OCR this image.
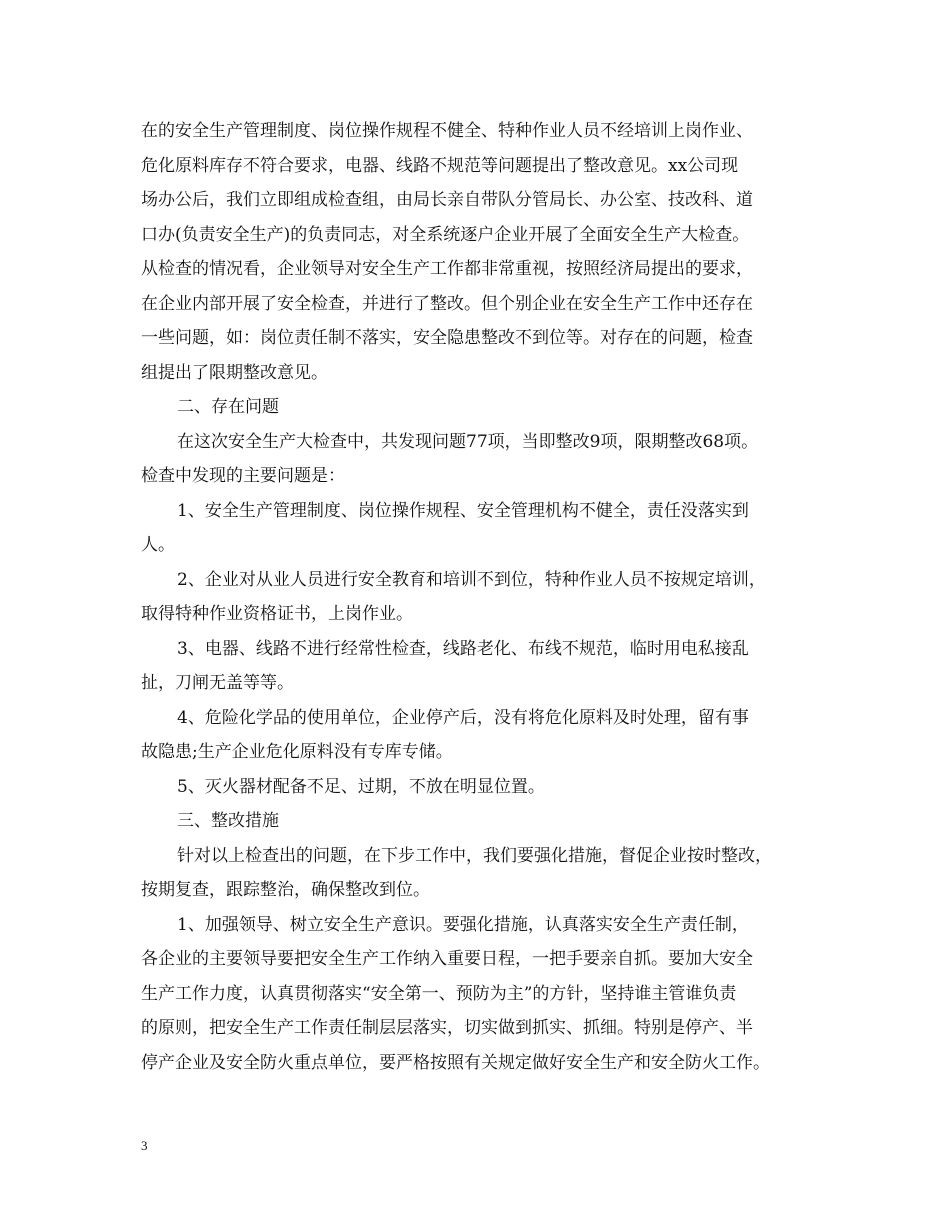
在的安全生产管理制度、岗位操作规程不健全、特种作业人员不经培训上岗作业、
危化原料库存不符合要求，电器、线路不规范等问题提出了整改意见。xx公司现
场办公后，我们立即组成检查组，由局长亲自带队分管局长、办公室、技改科、道
口办(负责安全生产)的负责同志，对全系统逐户企业开展了全面安全生产大检查。
从检查的情况看，企业领导对安全生产工作都非常重视，按照经济局提出的要求，
在企业内部开展了安全检查，并进行了整改。但个别企业在安全生产工作中还存在
一些问题，如：岗位责任制不落实，安全隐患整改不到位等。对存在的问题，检查
组提出了限期整改意见。
二、存在问题
在这次安全生产大检查中，共发现问题77项，当即整改9项，限期整改68项。
检查中发现的主要问题是：
1、安全生产管理制度、岗位操作规程、安全管理机构不健全，责任没落实到
人。
2、企业对从业人员进行安全教育和培训不到位，特种作业人员不按规定培训，
取得特种作业资格证书，上岗作业。
3、电器、线路不进行经常性检查，线路老化、布线不规范，临时用电私接乱
扯，刀闸无盖等等。
4、危险化学品的使用单位，企业停产后，没有将危化原料及时处理，留有事
故隐患;生产企业危化原料没有专库专储。
5、灭火器材配备不足、过期，不放在明显位置。
三、整改措施
针对以上检查出的问题，在下步工作中，我们要强化措施，督促企业按时整改，
按期复查，跟踪整治，确保整改到位。
1、加强领导、树立安全生产意识。要强化措施，认真落实安全生产责任制，
各企业的主要领导要把安全生产工作纳入重要日程，一把手要亲自抓。要加大安全
生产工作力度，认真贯彻落实“安全第一、预防为主”的方针，坚持谁主管谁负责
的原则，把安全生产工作责任制层层落实，切实做到抓实、抓细。特别是停产、半
停产企业及安全防火重点单位，要严格按照有关规定做好安全生产和安全防火工作。
3
